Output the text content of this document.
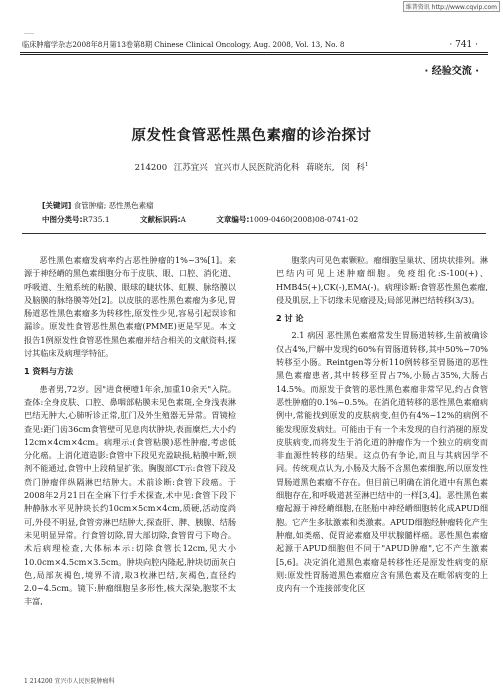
维普资讯 http://www.cqvip.com
临床肿瘤学杂志2008年8月第13卷第8期 Chinese Clinical Oncology, Aug. 2008, Vol. 13, No. 8	· 741 ·
· 经验交流 ·
原发性食管恶性黑色素瘤的诊治探讨
214200 江苏宜兴 宜兴市人民医院消化科 蒋晓东, 闵 科$^1$
[关键词] 食管肿瘤; 恶性黑色素瘤
中图分类号:R735.1	文献标识码:A	文章编号:1009-0460(2008)08-0741-02

恶性黑色素瘤发病率约占恶性肿瘤的1%~3%[1]。来源于神经嵴的黑色素细胞分布于皮肤、眼、口腔、消化道、呼吸道、生殖系统的粘膜、眼球的睫状体、虹膜、脉络膜以及脑膜的脉络膜等处[2]。以皮肤的恶性黑色素瘤为多见,胃肠道恶性黑色素瘤多为转移性,原发性少见,容易引起误诊和漏诊。原发性食管恶性黑色素瘤(PMME)更是罕见。本文报告1例原发性食管恶性黑色素瘤并结合相关的文献资料,探讨其临床及病理学特征。

1 资料与方法

患者男,72岁。因"进食梗噎1年余,加重10余天"入院。查体:全身皮肤、口腔、鼻咽部粘膜未见色素斑,全身浅表淋巴结无肿大,心肺听诊正常,肛门及外生殖器无异常。胃镜检查见:距门齿36cm食管壁可见息肉状肿块,表面糜烂,大小约12cm×4cm×4cm。病理示:(食管粘膜)恶性肿瘤,考虑低分化癌。上消化道造影:食管中下段见充盈缺损,粘膜中断,钡剂不能通过,食管中上段稍显扩张。胸腹部CT示:食管下段及贲门肿瘤伴纵隔淋巴结肿大。术前诊断:食管下段癌。于2008年2月21日在全麻下行手术探查,术中见:食管下段下肿静脉水平见肿块长约10cm×5cm×4cm,质硬,活动度尚可,外侵不明显,食管旁淋巴结肿大,探查肝、脾、胰腺、结肠未见明显异常。行食管切除,胃大部切除,食管胃弓下吻合。术后病理检查,大体标本示:切除食管长12cm,见大小10.0cm×4.5cm×3.5cm。肿块向腔内隆起,肿块切面灰白色,局部灰褐色,境界不清,取3枚淋巴结,灰褐色,直径约2.0~4.5cm。镜下:肿瘤细胞呈多形性,核大深染,胞浆不太丰富,

胞浆内可见色素颗粒。瘤细胞呈巢状、团块状排列。淋巴结内可见上述肿瘤细胞。免疫组化:S-100(+)、HMB45(+),CK(-),EMA(-)。病理诊断:食管恶性黑色素瘤,侵及肌层,上下切缘未见瘤浸及;局部见淋巴结转移(3/3)。

2 讨 论

2.1 病因 恶性黑色素瘤常发生胃肠道转移,生前被确诊仅占4%,尸解中发现约60%有胃肠道转移,其中50%~70%转移至小肠。Reintgen等分析110例转移至胃肠道的恶性黑色素瘤患者,其中转移至胃占7%,小肠占35%,大肠占14.5%。而原发于食管的恶性黑色素瘤非常罕见,约占食管恶性肿瘤的0.1%~0.5%。在消化道转移的恶性黑色素瘤病例中,常能找到原发的皮肤病变,但仍有4%~12%的病例不能发现原发病灶。可能由于有一个未发现的自行消褪的原发皮肤病变,而将发生于消化道的肿瘤作为一个独立的病变而非血源性转移的结果。这点仍有争论,而且与其病因学不同。传统观点认为,小肠及大肠不含黑色素细胞,所以原发性胃肠道黑色素瘤不存在。但目前已明确在消化道中有黑色素细胞存在,和呼吸道甚至淋巴结中的一样[3,4]。恶性黑色素瘤起源于神经嵴细胞,在胚胎中神经嵴细胞转化成APUD细胞。它产生多肽激素和类激素。APUD细胞经肿瘤转化产生肿瘤,如类癌、促胃泌素瘤及甲状腺髓样癌。恶性黑色素瘤起源于APUD细胞但不同于"APUD肿瘤",它不产生激素[5,6]。决定消化道黑色素瘤是转移性还是原发性病变的原则:原发性胃肠道黑色素瘤应含有黑色素及在毗邻病变的上皮内有一个连接部变化区

1 214200 宜兴市人民医院肿瘤科
